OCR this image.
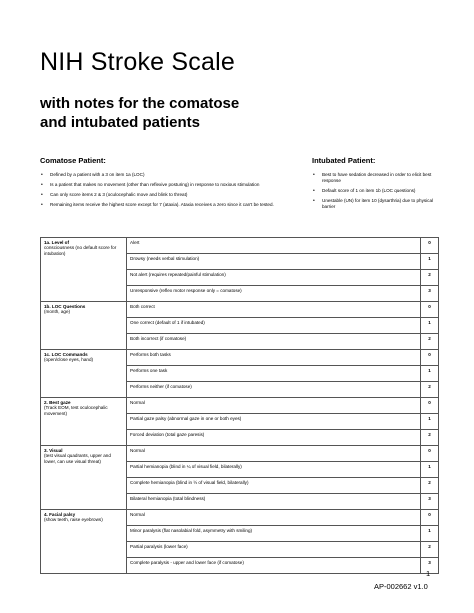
NIH Stroke Scale
with notes for the comatose
and intubated patients
Comatose Patient:
• Defined by a patient with a 3 on item 1a (LOC)
• Is a patient that makes no movement (other than reflexive posturing) in response to noxious stimulation
• Can only score items 2 & 3 (oculocephalic move and blink to threat)
• Remaining items receive the highest score except for 7 (ataxia). Ataxia receives a zero since it can't be tested.
Intubated Patient:
• Best to have sedation decreased in order to elicit best response
• Default score of 1 on item 1b (LOC questions)
• Unestable (UN) for item 10 (dysarthria) due to physical barrier
1a. Level of
consciousness (no default score for intubation)	Alert	0
	Drowsy (needs verbal stimulation)	1
	Not alert (requires repeated/painful stimulation)	2
	Unresponsive (reflex motor response only = comatose)	3

1b. LOC Questions
(month, age)	Both correct	0
	One correct (default of 1 if intubated)	1
	Both incorrect (if comatose)	2

1c. LOC Commands
(open/close eyes, hand)	Performs both tasks	0
	Performs one task	1
	Performs neither (if comatose)	2

2. Best gaze
(Track EOM, test oculocephalic movement)	Normal	0
	Partial gaze palsy (abnormal gaze in one or both eyes)	1
	Forced deviation (total gaze paresis)	2

3. Visual
(test visual quadrants, upper and lower, can use visual threat)	Normal	0
	Partial hemianopia (blind in ¼ of visual field, bilaterally)	1
	Complete hemianopia (blind in ½ of visual field, bilaterally)	2
	Bilateral hemianopia (total blindness)	3

4. Facial palsy
(show teeth, raise eyebrows)	Normal	0
	Minor paralysis (flat nasolabial fold, asymmetry with smiling)	1
	Partial paralysis (lower face)	2
	Complete paralysis - upper and lower face (if comatose)	3
1
AP-002662 v1.0
